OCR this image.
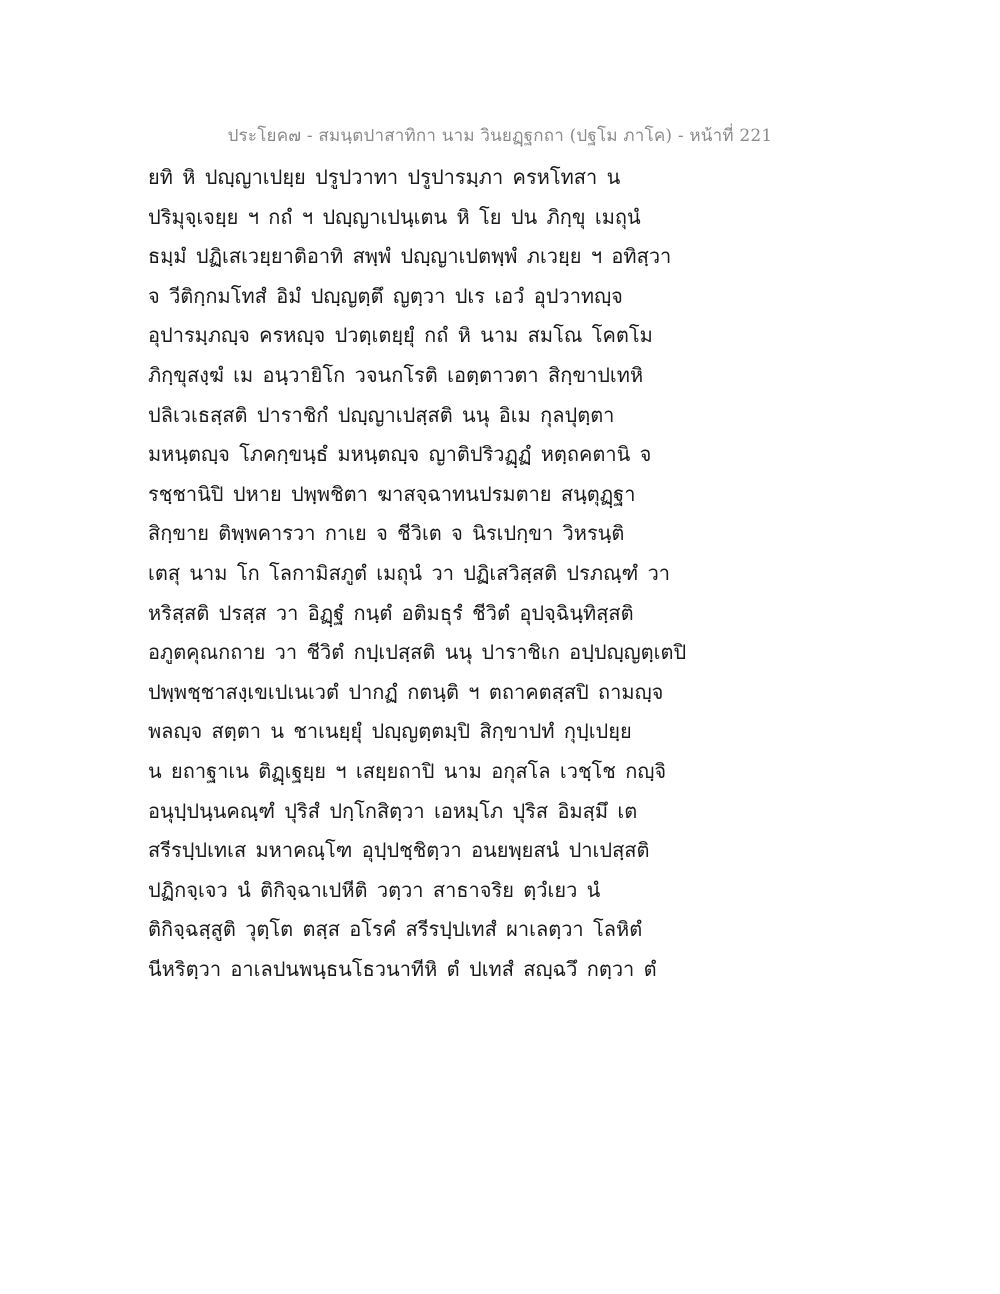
ประโยค๗ - สมนฺตปาสาทิกา นาม วินยฏฺฐกถา (ปฐโม ภาโค) - หน้าที่ 221
ยทิ หิ ปญฺญาเปยฺย ปรูปวาทา ปรูปารมฺภา ครหโทสา น
ปริมุจฺเจยฺย ฯ กถํ ฯ ปญฺญาเปนฺเตน หิ โย ปน ภิกฺขุ เมถุนํ
ธมฺมํ ปฏิเสเวยฺยาติอาทิ สพฺพํ ปญฺญาเปตพฺพํ ภเวยฺย ฯ อทิสฺวา
จ วีติกฺกมโทสํ อิมํ ปญฺญตฺตึ ญตฺวา ปเร เอวํ อุปวาทญฺจ
อุปารมฺภญฺจ ครหญฺจ ปวตฺเตยฺยุํ กถํ หิ นาม สมโณ โคตโม
ภิกฺขุสงฺฆํ เม อนฺวายิโก วจนกโรติ เอตฺตาวตา สิกฺขาปเทหิ
ปลิเวเธสฺสติ ปาราชิกํ ปญฺญาเปสฺสติ นนุ อิเม กุลปุตฺตา
มหนฺตญฺจ โภคกฺขนฺธํ มหนฺตญฺจ ญาติปริวฏฺฏํ หตฺถคตานิ จ
รชฺชานิปิ ปหาย ปพฺพชิตา ฆาสจฺฉาทนปรมตาย สนฺตุฏฺฐา
สิกฺขาย ติพฺพคารวา กาเย จ ชีวิเต จ นิรเปกฺขา วิหรนฺติ
เตสุ นาม โก โลกามิสภูตํ เมถุนํ วา ปฏิเสวิสฺสติ ปรภณฺฑํ วา
หริสฺสติ ปรสฺส วา อิฏฺฐํ กนฺตํ อติมธุรํ ชีวิตํ อุปจฺฉินฺทิสฺสติ
อภูตคุณกถาย วา ชีวิตํ กปฺเปสฺสติ นนุ ปาราชิเก อปฺปญฺญตฺเตปิ
ปพฺพชฺชาสงฺเขเปเนเวตํ ปากฏํ กตนฺติ ฯ ตถาคตสฺสปิ ถามญฺจ
พลญฺจ สตฺตา น ชาเนยฺยุํ ปญฺญตฺตมฺปิ สิกฺขาปทํ กุปฺเปยฺย
น ยถาฐาเน ติฏฺเฐยฺย ฯ เสยฺยถาปิ นาม อกุสโล เวชฺโช กญฺจิ
อนุปฺปนฺนคณฺฑํ ปุริสํ ปกฺโกสิตฺวา เอหมฺโภ ปุริส อิมสฺมึ เต
สรีรปฺปเทเส มหาคณฺโฑ อุปฺปชฺชิตฺวา อนยพฺยสนํ ปาเปสฺสติ
ปฏิกจฺเจว นํ ติกิจฺฉาเปหีติ วตฺวา สาธาจริย ตฺวํเยว นํ
ติกิจฺฉสฺสูติ วุตฺโต ตสฺส อโรคํ สรีรปฺปเทสํ ผาเลตฺวา โลหิตํ
นีหริตฺวา อาเลปนพนฺธนโธวนาทีหิ ตํ ปเทสํ สญฺฉวึ กตฺวา ตํ
